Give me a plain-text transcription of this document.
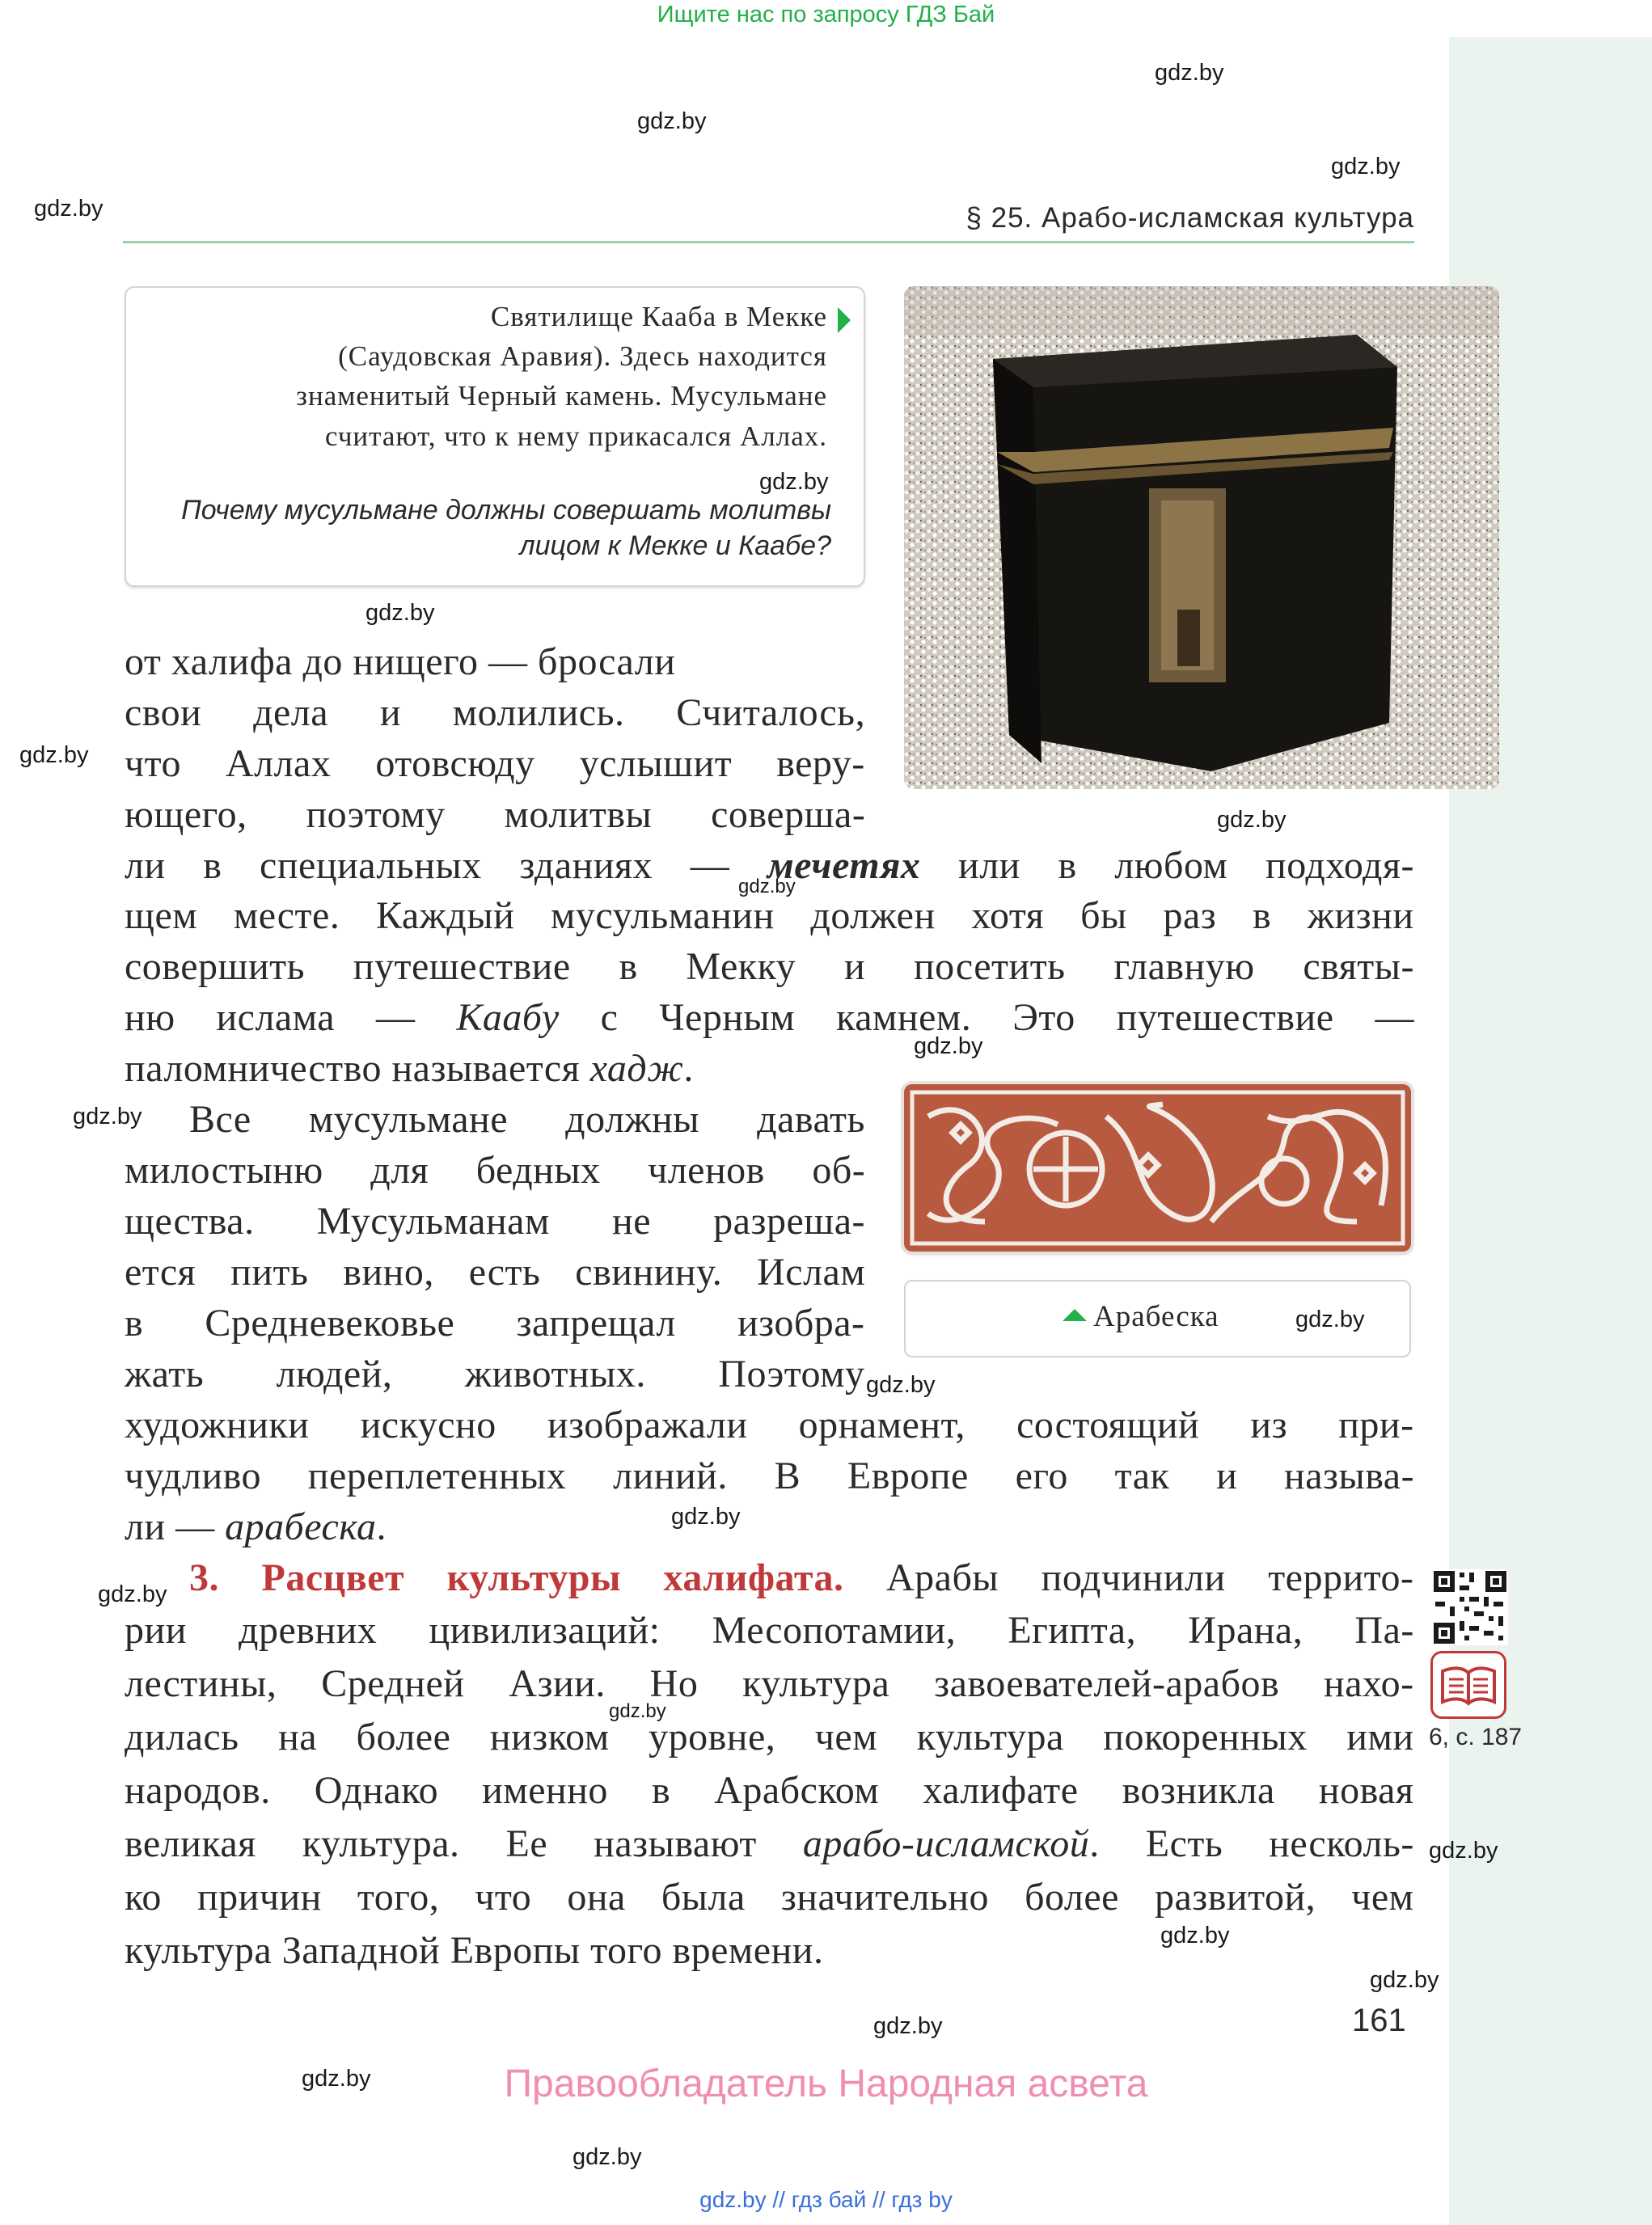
Ищите нас по запросу ГДЗ Бай
gdz.by
gdz.by
gdz.by
gdz.by
gdz.by
gdz.by
gdz.by
gdz.by
gdz.by
gdz.by
gdz.by
gdz.by
gdz.by
gdz.by
gdz.by
gdz.by
gdz.by
gdz.by
gdz.by
gdz.by
gdz.by
§ 25. Арабо-исламская культура
Святилище Кааба в Мекке
(Саудовская Аравия). Здесь находится
знаменитый Черный камень. Мусульмане
считают, что к нему прикасался Аллах.
gdz.by
Почему мусульмане должны совершать молитвы
лицом к Мекке и Каабе?
Арабеска
от халифа до нищего — бросали
свои дела и молились. Считалось,
что Аллах отовсюду услышит веру-
ющего, поэтому молитвы соверша-
ли в специальных зданиях — мечетях или в любом подходя-
щем месте. Каждый мусульманин должен хотя бы раз в жизни
совершить путешествие в Мекку и посетить главную святы-
ню ислама — Каабу с Черным камнем. Это путешествие —
паломничество называется хадж.
Все мусульмане должны давать
милостыню для бедных членов об-
щества. Мусульманам не разреша-
ется пить вино, есть свинину. Ислам
в Средневековье запрещал изобра-
жать людей, животных. Поэтому
художники искусно изображали орнамент, состоящий из при-
чудливо переплетенных линий. В Европе его так и называ-
ли — арабеска.
3. Расцвет культуры халифата. Арабы подчинили террито-
рии древних цивилизаций: Месопотамии, Египта, Ирана, Па-
лестины, Средней Азии. Но культура завоевателей-арабов нахо-
дилась на более низком уровне, чем культура покоренных ими
народов. Однако именно в Арабском халифате возникла новая
великая культура. Ее называют арабо-исламской. Есть несколь-
ко причин того, что она была значительно более развитой, чем
культура Западной Европы того времени.
6, с. 187
161
Правообладатель Народная асвета
gdz.by // гдз бай // гдз by
